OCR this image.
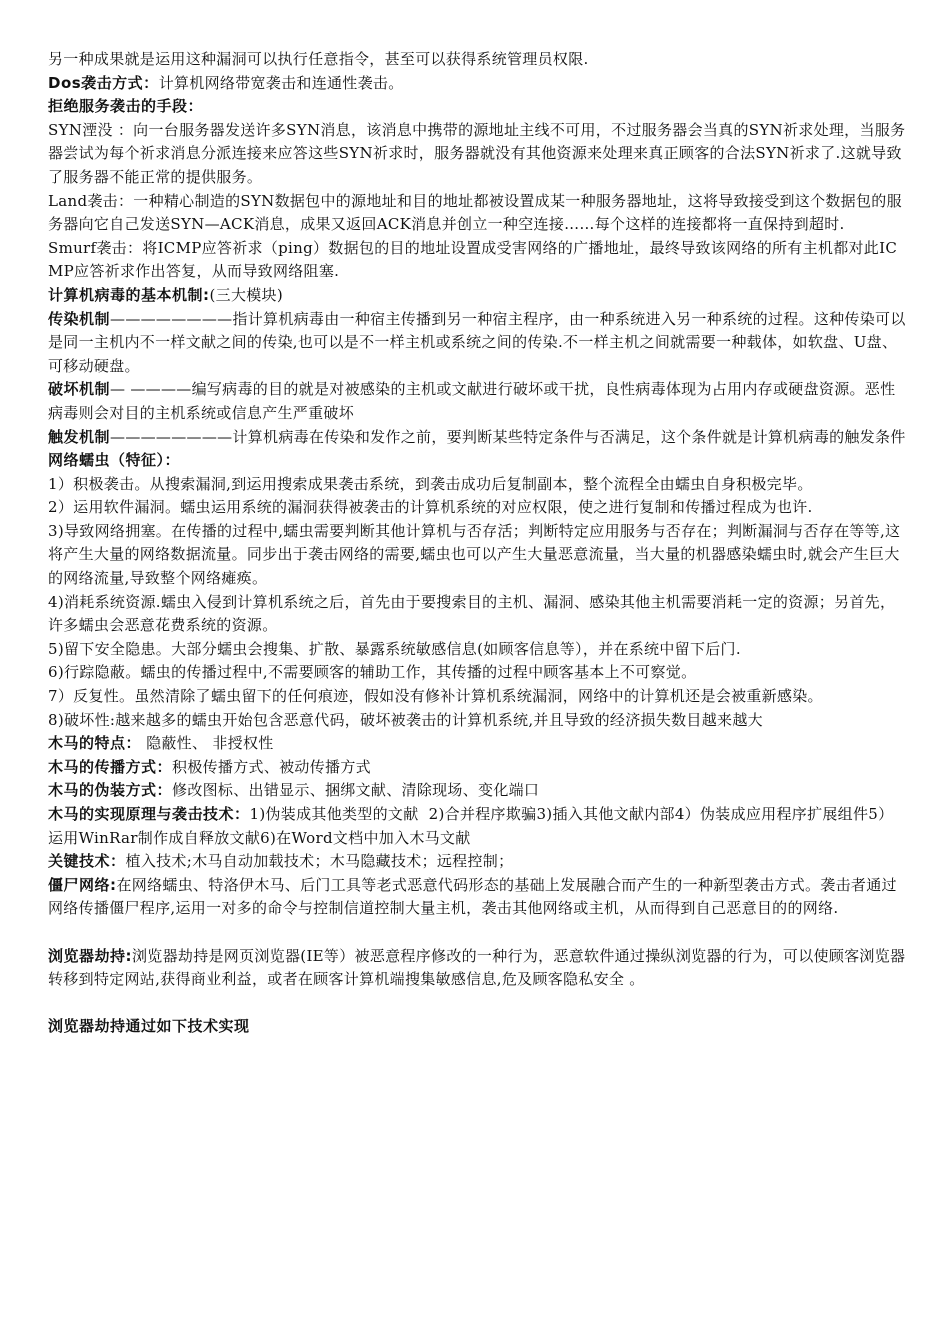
另一种成果就是运用这种漏洞可以执行任意指令，甚至可以获得系统管理员权限.
Dos袭击方式：计算机网络带宽袭击和连通性袭击。
拒绝服务袭击的手段：
SYN湮没 ：向一台服务器发送许多SYN消息，该消息中携带的源地址主线不可用，不过服务器会当真的SYN祈求处理，当服务器尝试为每个祈求消息分派连接来应答这些SYN祈求时，服务器就没有其他资源来处理来真正顾客的合法SYN祈求了.这就导致了服务器不能正常的提供服务。
Land袭击：一种精心制造的SYN数据包中的源地址和目的地址都被设置成某一种服务器地址，这将导致接受到这个数据包的服务器向它自己发送SYN—ACK消息，成果又返回ACK消息并创立一种空连接……每个这样的连接都将一直保持到超时.
Smurf袭击：将ICMP应答祈求（ping）数据包的目的地址设置成受害网络的广播地址，最终导致该网络的所有主机都对此ICMP应答祈求作出答复，从而导致网络阻塞.
计算机病毒的基本机制:(三大模块)
传染机制————————指计算机病毒由一种宿主传播到另一种宿主程序，由一种系统进入另一种系统的过程。这种传染可以是同一主机内不一样文献之间的传染,也可以是不一样主机或系统之间的传染.不一样主机之间就需要一种载体，如软盘、U盘、可移动硬盘。
破坏机制— ————编写病毒的目的就是对被感染的主机或文献进行破坏或干扰，良性病毒体现为占用内存或硬盘资源。恶性病毒则会对目的主机系统或信息产生严重破坏
触发机制————————计算机病毒在传染和发作之前，要判断某些特定条件与否满足，这个条件就是计算机病毒的触发条件
网络蠕虫（特征）：
1）积极袭击。从搜索漏洞,到运用搜索成果袭击系统，到袭击成功后复制副本，整个流程全由蠕虫自身积极完毕。
2）运用软件漏洞。蠕虫运用系统的漏洞获得被袭击的计算机系统的对应权限，使之进行复制和传播过程成为也许.
3)导致网络拥塞。在传播的过程中,蠕虫需要判断其他计算机与否存活；判断特定应用服务与否存在；判断漏洞与否存在等等,这将产生大量的网络数据流量。同步出于袭击网络的需要,蠕虫也可以产生大量恶意流量，当大量的机器感染蠕虫时,就会产生巨大的网络流量,导致整个网络瘫痪。
4)消耗系统资源.蠕虫入侵到计算机系统之后，首先由于要搜索目的主机、漏洞、感染其他主机需要消耗一定的资源；另首先，许多蠕虫会恶意花费系统的资源。
5)留下安全隐患。大部分蠕虫会搜集、扩散、暴露系统敏感信息(如顾客信息等），并在系统中留下后门.
6)行踪隐蔽。蠕虫的传播过程中,不需要顾客的辅助工作，其传播的过程中顾客基本上不可察觉。
7）反复性。虽然清除了蠕虫留下的任何痕迹，假如没有修补计算机系统漏洞，网络中的计算机还是会被重新感染。
8)破坏性:越来越多的蠕虫开始包含恶意代码，破坏被袭击的计算机系统,并且导致的经济损失数目越来越大
木马的特点： 隐蔽性、 非授权性
木马的传播方式：积极传播方式、被动传播方式
木马的伪装方式：修改图标、出错显示、捆绑文献、清除现场、变化端口
木马的实现原理与袭击技术：1)伪装成其他类型的文献  2)合并程序欺骗3)插入其他文献内部4）伪装成应用程序扩展组件5）运用WinRar制作成自释放文献6)在Word文档中加入木马文献
关键技术：植入技术;木马自动加载技术；木马隐藏技术；远程控制；
僵尸网络:在网络蠕虫、特洛伊木马、后门工具等老式恶意代码形态的基础上发展融合而产生的一种新型袭击方式。袭击者通过网络传播僵尸程序,运用一对多的命令与控制信道控制大量主机，袭击其他网络或主机，从而得到自己恶意目的的网络.
浏览器劫持:浏览器劫持是网页浏览器(IE等）被恶意程序修改的一种行为，恶意软件通过操纵浏览器的行为，可以使顾客浏览器转移到特定网站,获得商业利益，或者在顾客计算机端搜集敏感信息,危及顾客隐私安全 。
浏览器劫持通过如下技术实现
